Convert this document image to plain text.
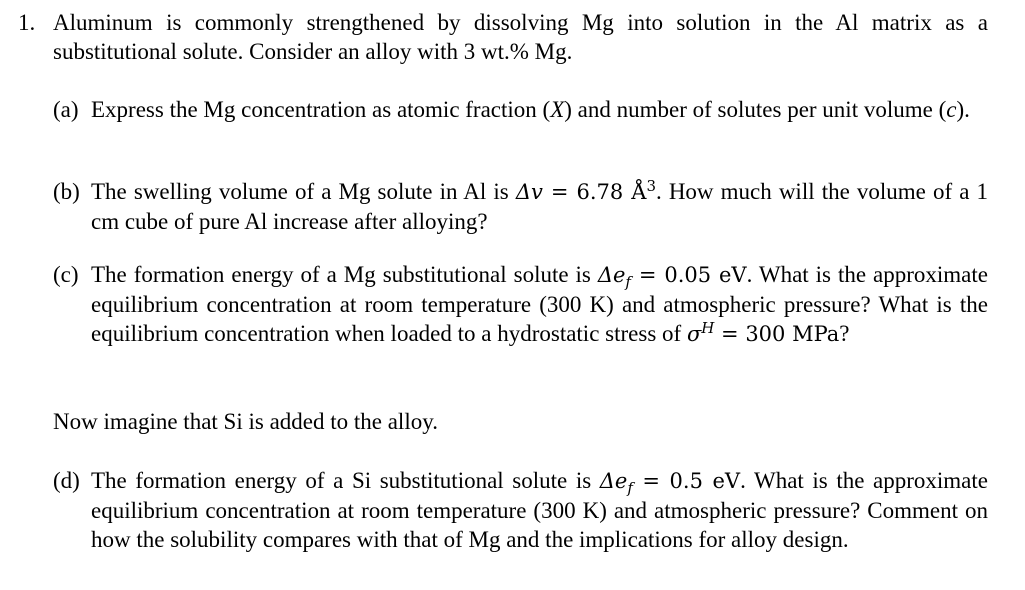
1. Aluminum is commonly strengthened by dissolving Mg into solution in the Al matrix as a substitutional solute. Consider an alloy with 3 wt.% Mg.
(a) Express the Mg concentration as atomic fraction (X) and number of solutes per unit volume (c).
(b) The swelling volume of a Mg solute in Al is Δv = 6.78 $Å^3$. How much will the volume of a 1 cm cube of pure Al increase after alloying?
(c) The formation energy of a Mg substitutional solute is $\Delta e_f = 0.05$ eV. What is the approximate equilibrium concentration at room temperature (300 K) and atmospheric pressure? What is the equilibrium concentration when loaded to a hydrostatic stress of $\sigma^H = 300$ MPa?
Now imagine that Si is added to the alloy.
(d) The formation energy of a Si substitutional solute is $\Delta e_f = 0.5$ eV. What is the approximate equilibrium concentration at room temperature (300 K) and atmospheric pressure? Comment on how the solubility compares with that of Mg and the implications for alloy design.
